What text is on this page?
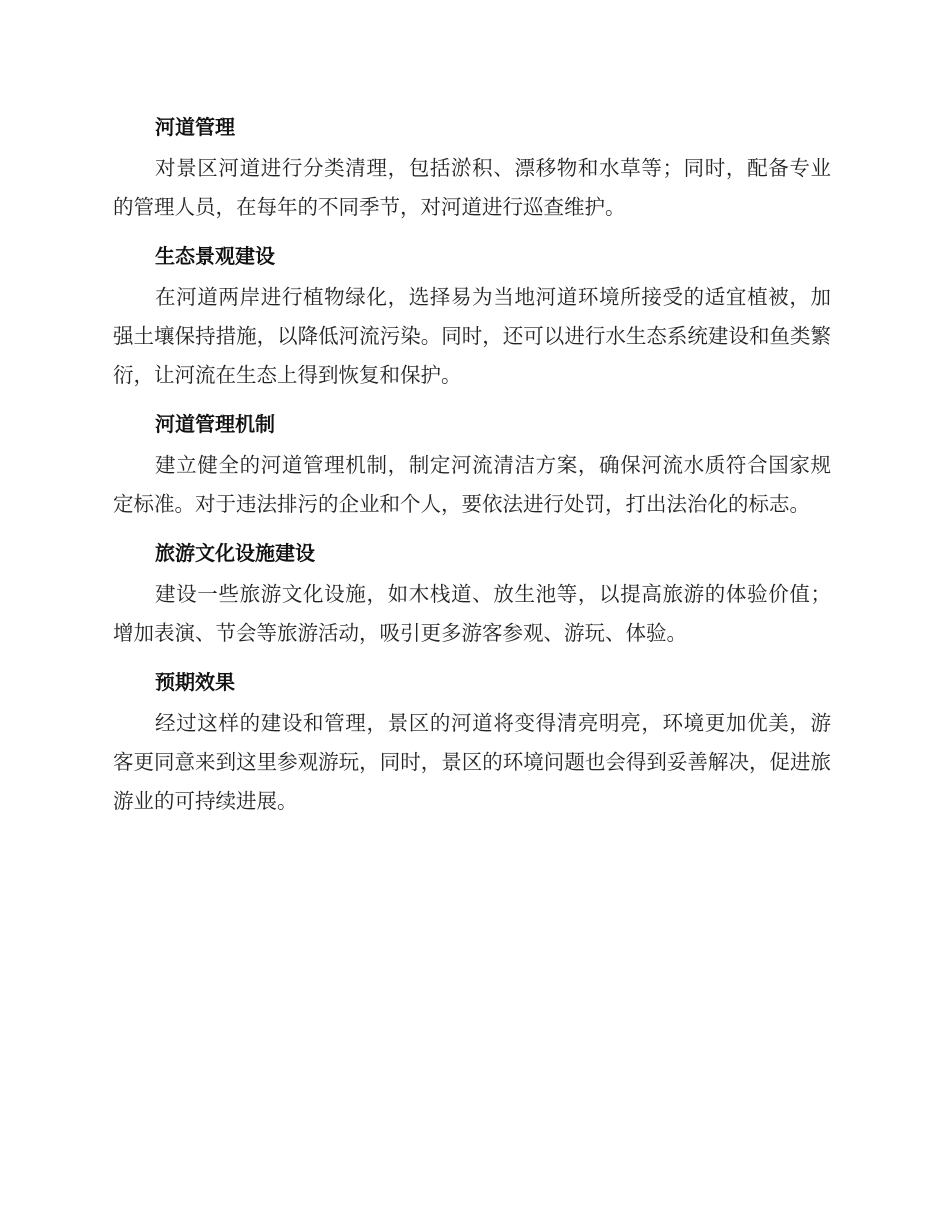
河道管理

对景区河道进行分类清理，包括淤积、漂移物和水草等；同时，配备专业的管理人员，在每年的不同季节，对河道进行巡查维护。

生态景观建设

在河道两岸进行植物绿化，选择易为当地河道环境所接受的适宜植被，加强土壤保持措施，以降低河流污染。同时，还可以进行水生态系统建设和鱼类繁衍，让河流在生态上得到恢复和保护。

河道管理机制

建立健全的河道管理机制，制定河流清洁方案，确保河流水质符合国家规定标准。对于违法排污的企业和个人，要依法进行处罚，打出法治化的标志。

旅游文化设施建设

建设一些旅游文化设施，如木栈道、放生池等，以提高旅游的体验价值；增加表演、节会等旅游活动，吸引更多游客参观、游玩、体验。

预期效果

经过这样的建设和管理，景区的河道将变得清亮明亮，环境更加优美，游客更同意来到这里参观游玩，同时，景区的环境问题也会得到妥善解决，促进旅游业的可持续进展。
